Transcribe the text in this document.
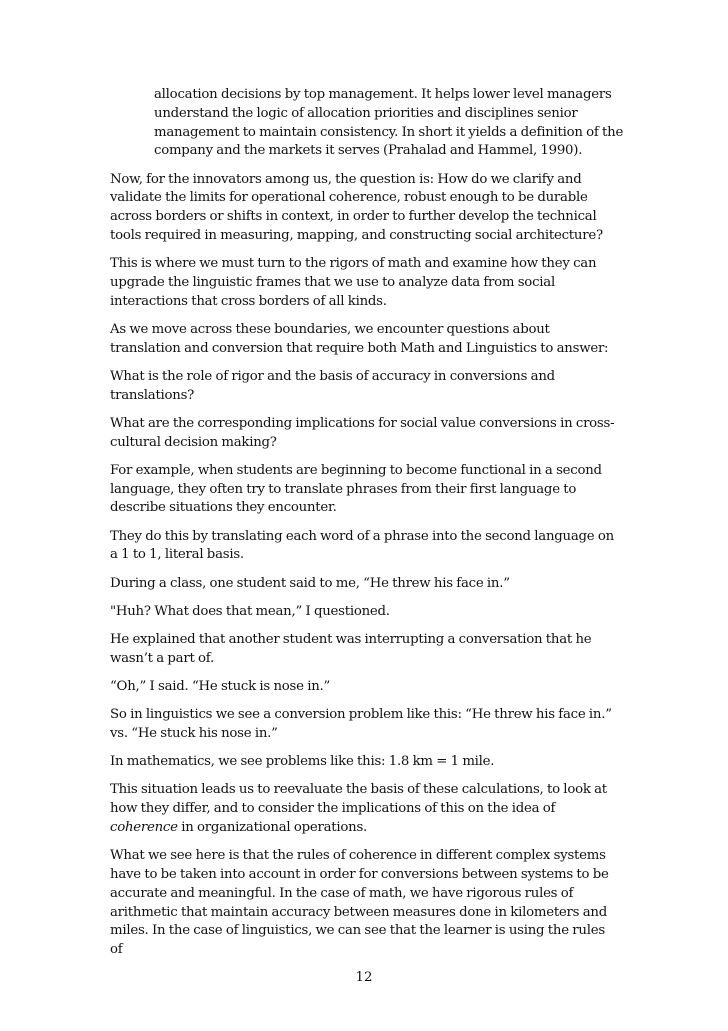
allocation decisions by top management. It helps lower level managers understand the logic of allocation priorities and disciplines senior management to maintain consistency. In short it yields a definition of the company and the markets it serves (Prahalad and Hammel, 1990).

Now, for the innovators among us, the question is: How do we clarify and validate the limits for operational coherence, robust enough to be durable across borders or shifts in context, in order to further develop the technical tools required in measuring, mapping, and constructing social architecture?

This is where we must turn to the rigors of math and examine how they can upgrade the linguistic frames that we use to analyze data from social interactions that cross borders of all kinds.

As we move across these boundaries, we encounter questions about translation and conversion that require both Math and Linguistics to answer:

What is the role of rigor and the basis of accuracy in conversions and translations?

What are the corresponding implications for social value conversions in cross-cultural decision making?

For example, when students are beginning to become functional in a second language, they often try to translate phrases from their first language to describe situations they encounter.

They do this by translating each word of a phrase into the second language on a 1 to 1, literal basis.

During a class, one student said to me, “He threw his face in.”

"Huh? What does that mean,” I questioned.

He explained that another student was interrupting a conversation that he wasn’t a part of.

“Oh,” I said. “He stuck is nose in.”

So in linguistics we see a conversion problem like this: “He threw his face in.” vs. “He stuck his nose in.”

In mathematics, we see problems like this: 1.8 km = 1 mile.

This situation leads us to reevaluate the basis of these calculations, to look at how they differ, and to consider the implications of this on the idea of coherence in organizational operations.

What we see here is that the rules of coherence in different complex systems have to be taken into account in order for conversions between systems to be accurate and meaningful. In the case of math, we have rigorous rules of arithmetic that maintain accuracy between measures done in kilometers and miles. In the case of linguistics, we can see that the learner is using the rules of

12
